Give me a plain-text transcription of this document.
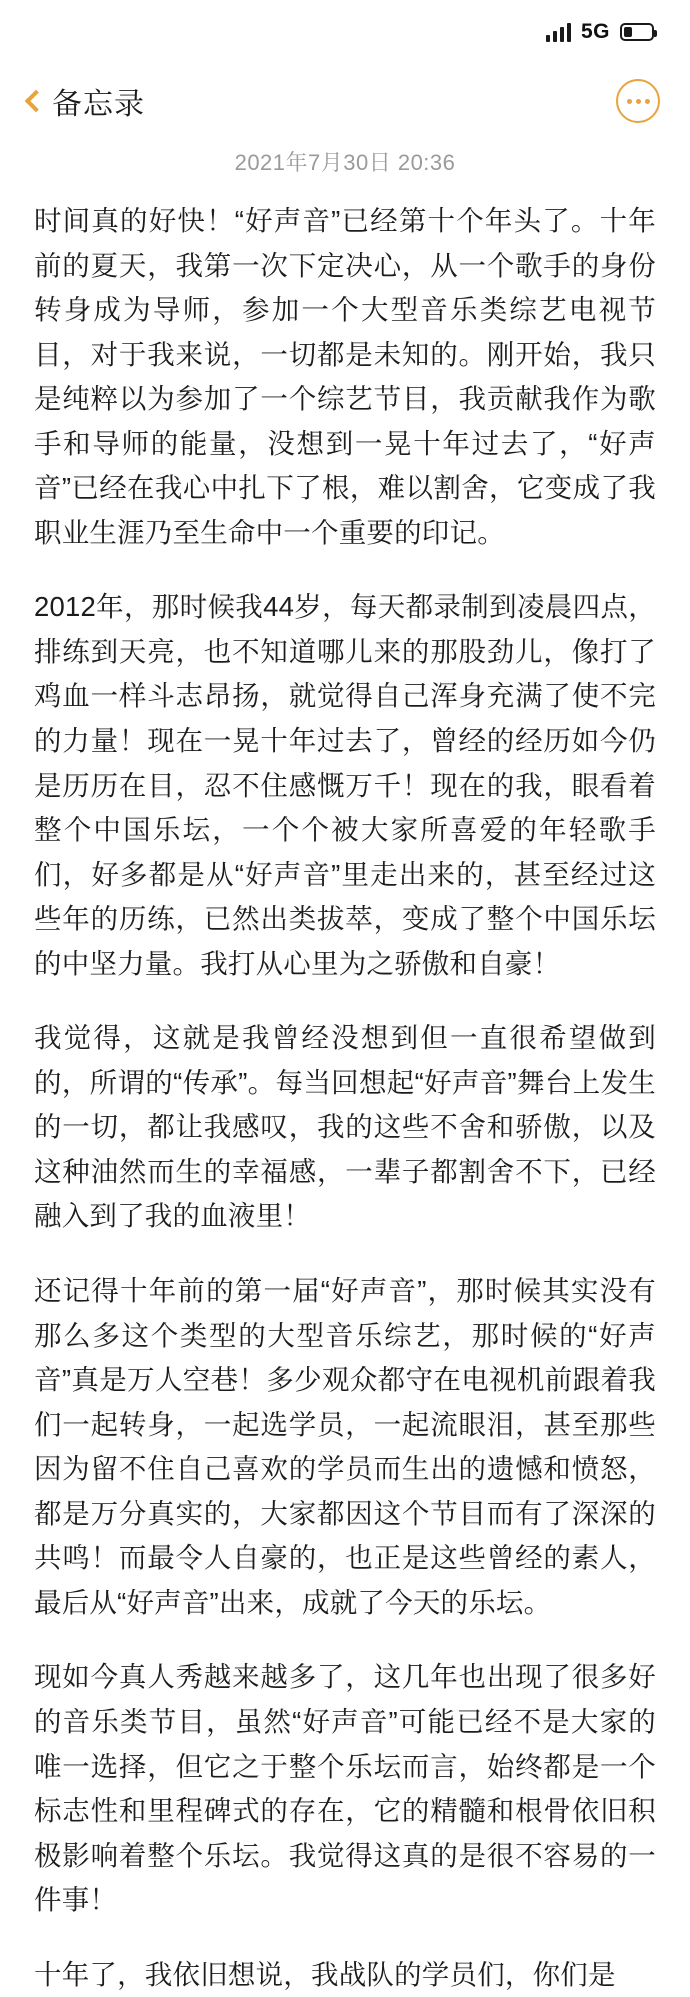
5G
备忘录
2021年7月30日 20:36

时间真的好快！“好声音”已经第十个年头了。十年前的夏天，我第一次下定决心，从一个歌手的身份转身成为导师，参加一个大型音乐类综艺电视节目，对于我来说，一切都是未知的。刚开始，我只是纯粹以为参加了一个综艺节目，我贡献我作为歌手和导师的能量，没想到一晃十年过去了，“好声音”已经在我心中扎下了根，难以割舍，它变成了我职业生涯乃至生命中一个重要的印记。

2012年，那时候我44岁，每天都录制到凌晨四点，排练到天亮，也不知道哪儿来的那股劲儿，像打了鸡血一样斗志昂扬，就觉得自己浑身充满了使不完的力量！现在一晃十年过去了，曾经的经历如今仍是历历在目，忍不住感慨万千！现在的我，眼看着整个中国乐坛，一个个被大家所喜爱的年轻歌手们，好多都是从“好声音”里走出来的，甚至经过这些年的历练，已然出类拔萃，变成了整个中国乐坛的中坚力量。我打从心里为之骄傲和自豪！

我觉得，这就是我曾经没想到但一直很希望做到的，所谓的“传承”。每当回想起“好声音”舞台上发生的一切，都让我感叹，我的这些不舍和骄傲，以及这种油然而生的幸福感，一辈子都割舍不下，已经融入到了我的血液里！

还记得十年前的第一届“好声音”，那时候其实没有那么多这个类型的大型音乐综艺，那时候的“好声音”真是万人空巷！多少观众都守在电视机前跟着我们一起转身，一起选学员，一起流眼泪，甚至那些因为留不住自己喜欢的学员而生出的遗憾和愤怒，都是万分真实的，大家都因这个节目而有了深深的共鸣！而最令人自豪的，也正是这些曾经的素人，最后从“好声音”出来，成就了今天的乐坛。

现如今真人秀越来越多了，这几年也出现了很多好的音乐类节目，虽然“好声音”可能已经不是大家的唯一选择，但它之于整个乐坛而言，始终都是一个标志性和里程碑式的存在，它的精髓和根骨依旧积极影响着整个乐坛。我觉得这真的是很不容易的一件事！

十年了，我依旧想说，我战队的学员们，你们是
